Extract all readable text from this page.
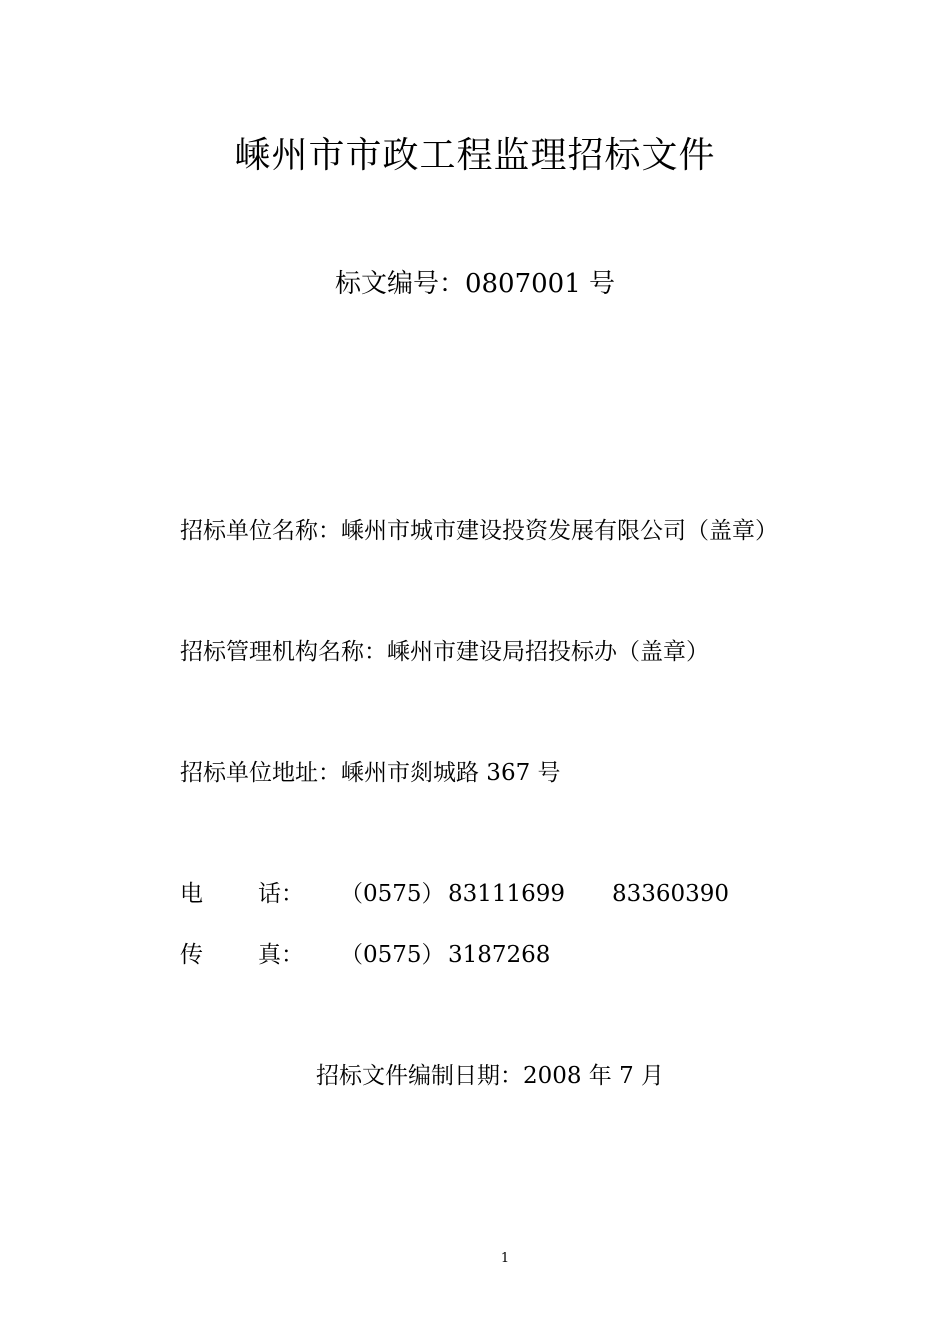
嵊州市市政工程监理招标文件
标文编号：0807001 号
招标单位名称：嵊州市城市建设投资发展有限公司（盖章）
招标管理机构名称：嵊州市建设局招投标办（盖章）
招标单位地址：嵊州市剡城路 367 号
电 话： （0575） 83111699 83360390
传 真： （0575） 3187268
招标文件编制日期：2008 年 7 月
1
